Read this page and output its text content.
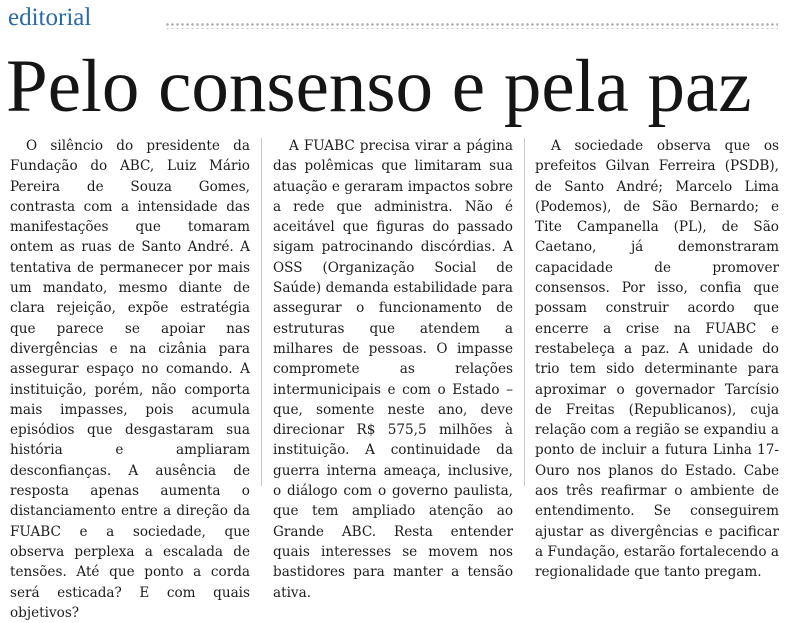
editorial
Pelo consenso e pela paz

O silêncio do presidente da Fundação do ABC, Luiz Mário Pereira de Souza Gomes, contrasta com a intensidade das manifestações que tomaram ontem as ruas de Santo André. A tentativa de permanecer por mais um mandato, mesmo diante de clara rejeição, expõe estratégia que parece se apoiar nas divergências e na cizânia para assegurar espaço no comando. A instituição, porém, não comporta mais impasses, pois acumula episódios que desgastaram sua história e ampliaram desconfianças. A ausência de resposta apenas aumenta o distanciamento entre a direção da FUABC e a sociedade, que observa perplexa a escalada de tensões. Até que ponto a corda será esticada? E com quais objetivos?

A FUABC precisa virar a página das polêmicas que limitaram sua atuação e geraram impactos sobre a rede que administra. Não é aceitável que figuras do passado sigam patrocinando discórdias. A OSS (Organização Social de Saúde) demanda estabilidade para assegurar o funcionamento de estruturas que atendem a milhares de pessoas. O impasse compromete as relações intermunicipais e com o Estado – que, somente neste ano, deve direcionar R$ 575,5 milhões à instituição. A continuidade da guerra interna ameaça, inclusive, o diálogo com o governo paulista, que tem ampliado atenção ao Grande ABC. Resta entender quais interesses se movem nos bastidores para manter a tensão ativa.

A sociedade observa que os prefeitos Gilvan Ferreira (PSDB), de Santo André; Marcelo Lima (Podemos), de São Bernardo; e Tite Campanella (PL), de São Caetano, já demonstraram capacidade de promover consensos. Por isso, confia que possam construir acordo que encerre a crise na FUABC e restabeleça a paz. A unidade do trio tem sido determinante para aproximar o governador Tarcísio de Freitas (Republicanos), cuja relação com a região se expandiu a ponto de incluir a futura Linha 17-Ouro nos planos do Estado. Cabe aos três reafirmar o ambiente de entendimento. Se conseguirem ajustar as divergências e pacificar a Fundação, estarão fortalecendo a regionalidade que tanto pregam.
